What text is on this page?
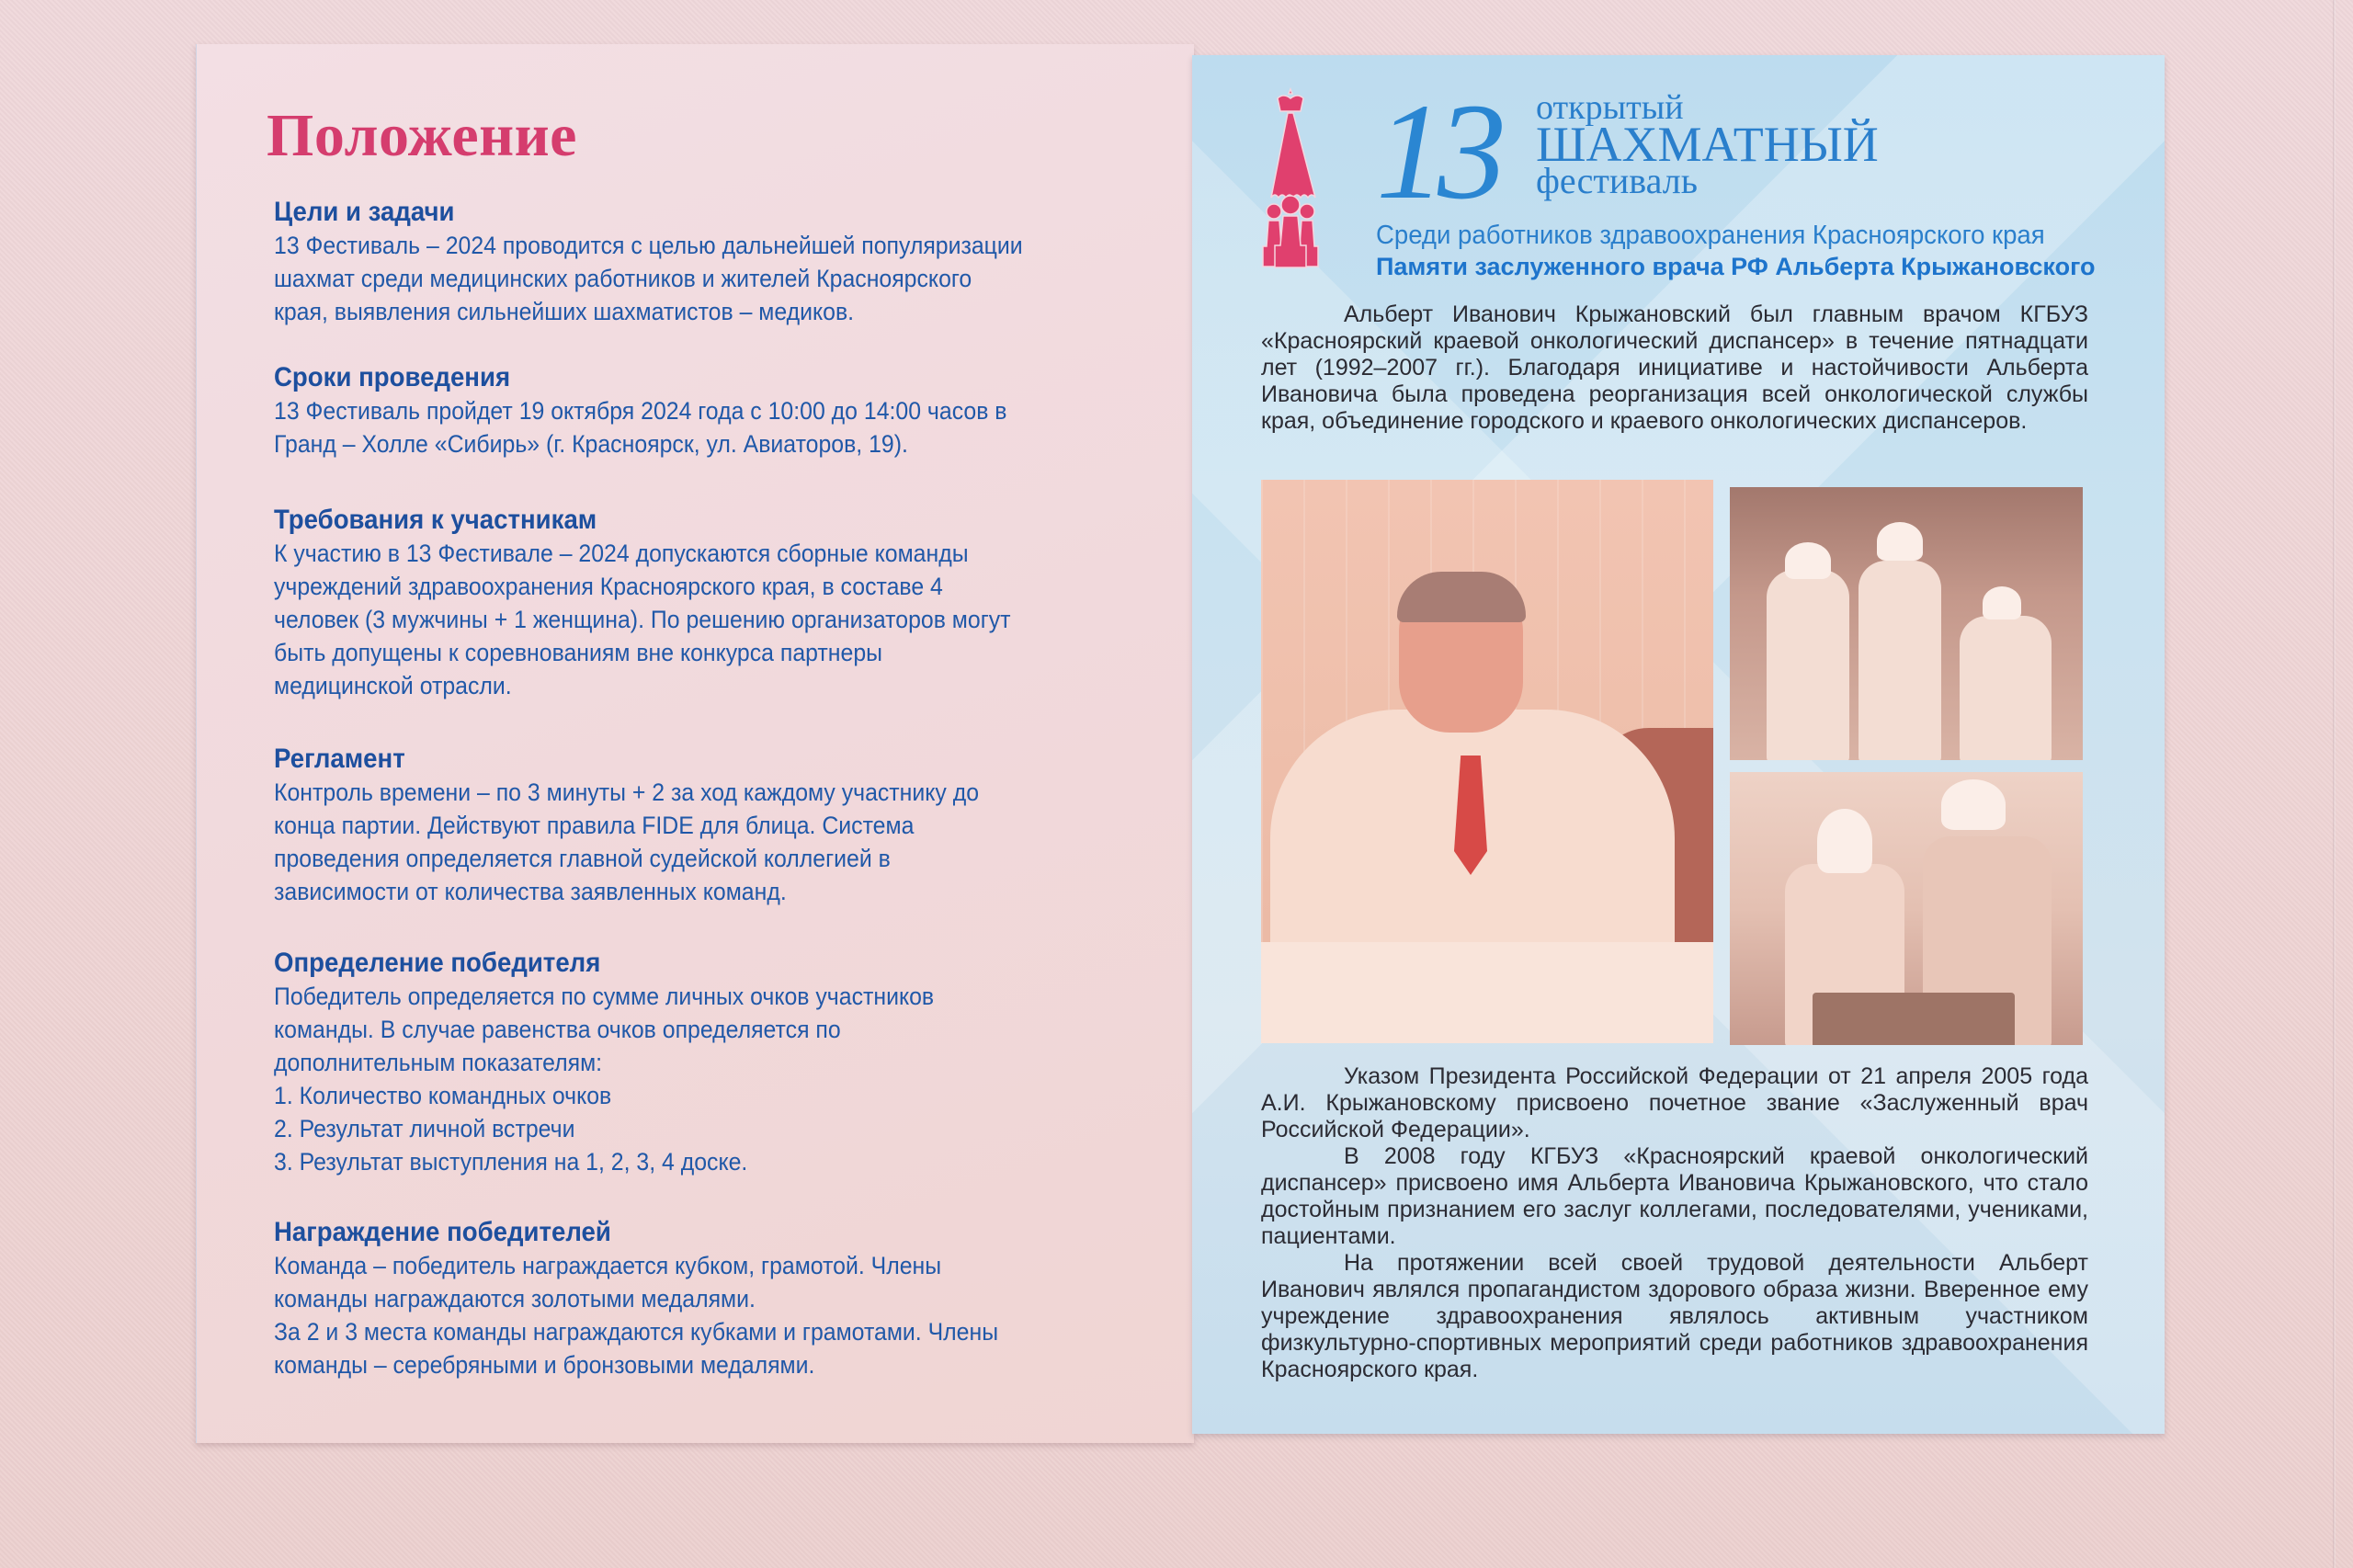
Положение
Цели и задачи

13 Фестиваль – 2024 проводится с целью дальнейшей популяризации

шахмат среди медицинских работников и жителей Красноярского

края, выявления сильнейших шахматистов – медиков.

Сроки проведения

13 Фестиваль пройдет 19 октября 2024 года с 10:00 до 14:00 часов в

Гранд – Холле «Сибирь» (г. Красноярск, ул. Авиаторов, 19).

Требования к участникам

К участию в 13 Фестивале – 2024 допускаются сборные команды

учреждений здравоохранения Красноярского края, в составе 4

человек (3 мужчины + 1 женщина). По решению организаторов могут

быть допущены к соревнованиям вне конкурса партнеры

медицинской отрасли.

Регламент

Контроль времени – по 3 минуты + 2 за ход каждому участнику до

конца партии. Действуют правила FIDE для блица. Система

проведения определяется главной судейской коллегией в

зависимости от количества заявленных команд.

Определение победителя

Победитель определяется по сумме личных очков участников

команды. В случае равенства очков определяется по

дополнительным показателям:

1. Количество командных очков
2. Результат личной встречи
3. Результат выступления на 1, 2, 3, 4 доске.
Награждение победителей

Команда – победитель награждается кубком, грамотой. Члены

команды награждаются золотыми медалями.

За 2 и 3 места команды награждаются кубками и грамотами. Члены

команды – серебряными и бронзовыми медалями.

13 открытый
ШАХМАТНЫЙ
фестиваль
Среди работников здравоохранения Красноярского края
Памяти заслуженного врача РФ Альберта Крыжановского

Альберт Иванович Крыжановский был главным врачом КГБУЗ «Красноярский краевой онкологический диспансер» в течение пятнадцати лет (1992–2007 гг.). Благодаря инициативе и настойчивости Альберта Ивановича была проведена реорганизация всей онкологической службы края, объединение городского и краевого онкологических диспансеров.

Указом Президента Российской Федерации от 21 апреля 2005 года А.И. Крыжановскому присвоено почетное звание «Заслуженный врач Российской Федерации».

В 2008 году КГБУЗ «Красноярский краевой онкологический диспансер» присвоено имя Альберта Ивановича Крыжановского, что стало достойным признанием его заслуг коллегами, последователями, учениками, пациентами.

На протяжении всей своей трудовой деятельности Альберт Иванович являлся пропагандистом здорового образа жизни. Вверенное ему учреждение здравоохранения являлось активным участником физкультурно-спортивных мероприятий среди работников здравоохранения Красноярского края.
